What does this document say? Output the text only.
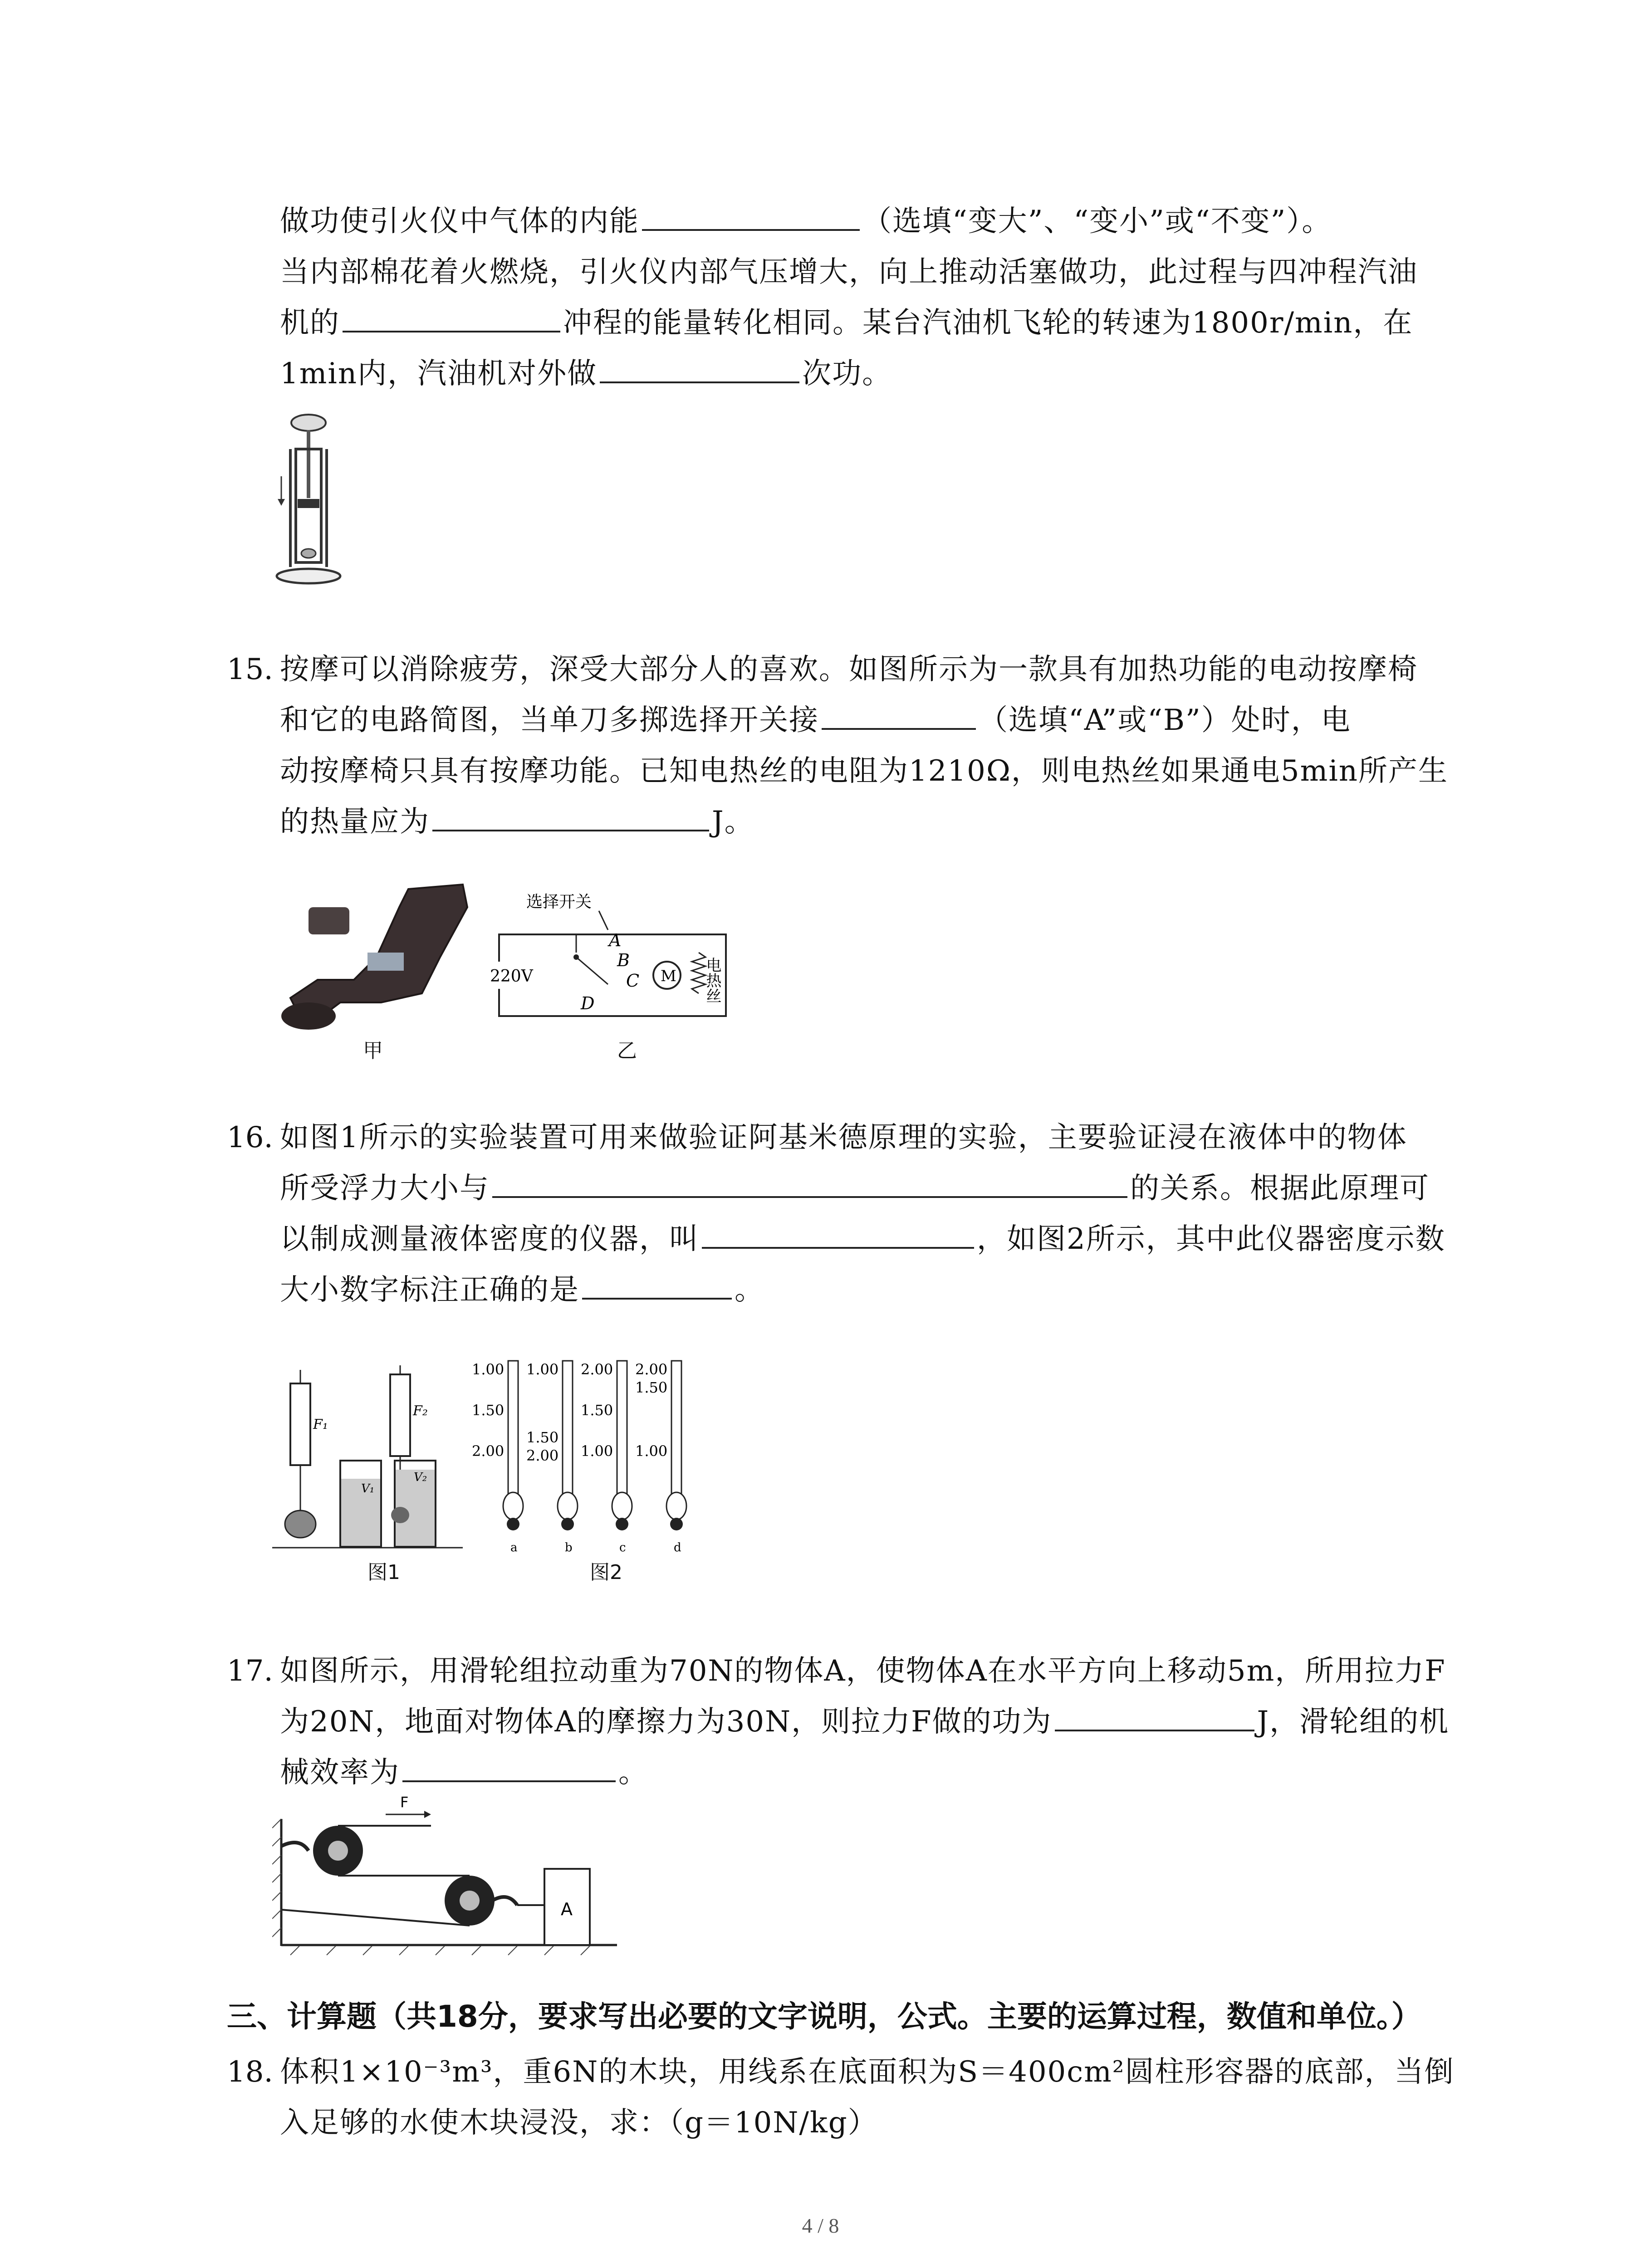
做功使引火仪中气体的内能	（选填“变大”、“变小”或“不变”）。
当内部棉花着火燃烧，引火仪内部气压增大，向上推动活塞做功，此过程与四冲程汽油
机的	冲程的能量转化相同。某台汽油机飞轮的转速为1800r/min，在
1min内，汽油机对外做	次功。
15. 按摩可以消除疲劳，深受大部分人的喜欢。如图所示为一款具有加热功能的电动按摩椅
和它的电路简图，当单刀多掷选择开关接	（选填“A”或“B”）处时，电
动按摩椅只具有按摩功能。已知电热丝的电阻为1210Ω，则电热丝如果通电5min所产生
的热量应为	J。
甲
选择开关
220V
A
B
C
D
M 电热丝
乙
16. 如图1所示的实验装置可用来做验证阿基米德原理的实验，主要验证浸在液体中的物体
所受浮力大小与	的关系。根据此原理可
以制成测量液体密度的仪器，叫	，如图2所示，其中此仪器密度示数
大小数字标注正确的是	。
F₁
F₂
V₁
V₂
图1
1.00
1.50
2.00
a
1.00
1.50
2.00
b
2.00
1.50
1.00
c
2.00
1.50
1.00
d
图2
17. 如图所示，用滑轮组拉动重为70N的物体A，使物体A在水平方向上移动5m，所用拉力F
为20N，地面对物体A的摩擦力为30N，则拉力F做的功为	J，滑轮组的机
械效率为	。
F
A
三、计算题（共18分，要求写出必要的文字说明，公式。主要的运算过程，数值和单位。）
18. 体积1×10⁻³m³，重6N的木块，用线系在底面积为S＝400cm²圆柱形容器的底部，当倒
入足够的水使木块浸没，求：（g＝10N/kg）
4 / 8
